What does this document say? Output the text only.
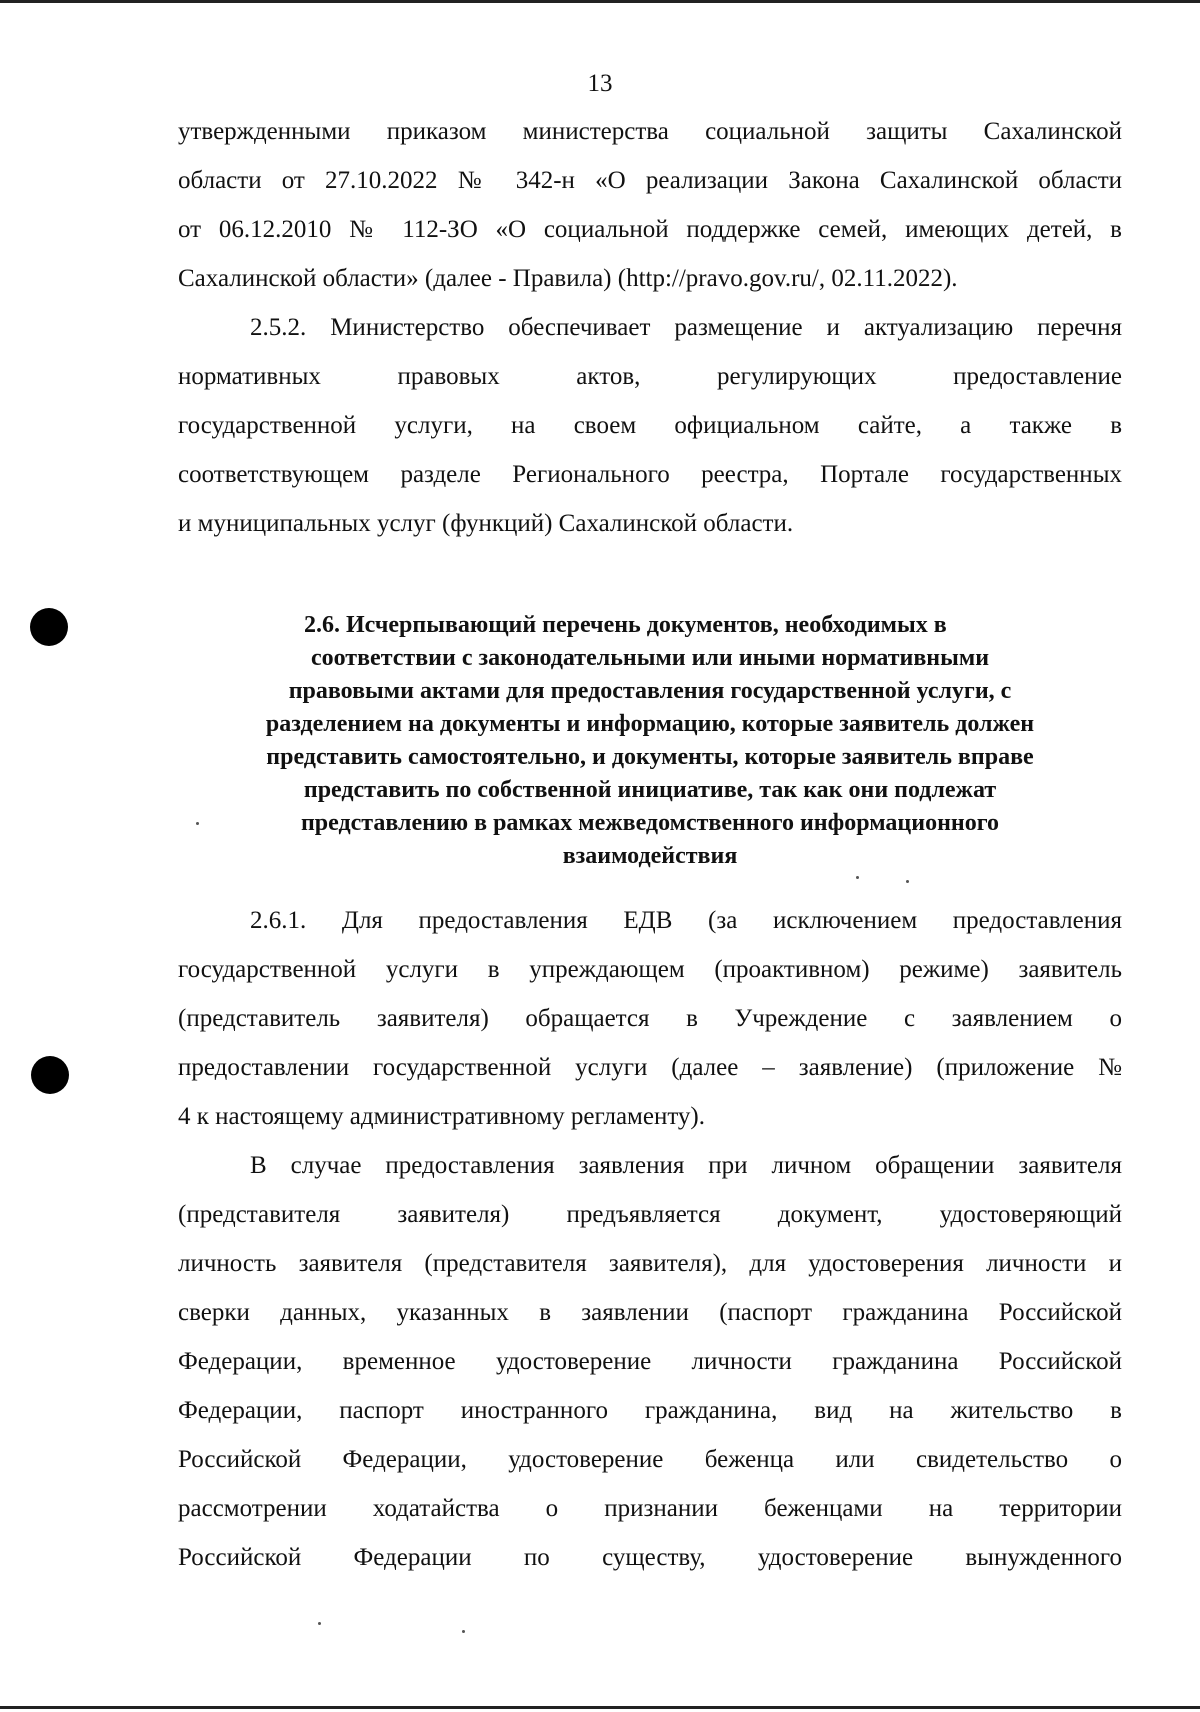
13
утвержденными приказом министерства социальной защиты Сахалинской
области от 27.10.2022 № 342-н «О реализации Закона Сахалинской области
от 06.12.2010 № 112-ЗО «О социальной поддержке семей, имеющих детей, в
Сахалинской области» (далее - Правила) (http://pravo.gov.ru/, 02.11.2022).
2.5.2. Министерство обеспечивает размещение и актуализацию перечня
нормативных правовых актов, регулирующих предоставление
государственной услуги, на своем официальном сайте, а также в
соответствующем разделе Регионального реестра, Портале государственных
и муниципальных услуг (функций) Сахалинской области.
2.6. Исчерпывающий перечень документов, необходимых в
соответствии с законодательными или иными нормативными
правовыми актами для предоставления государственной услуги, с
разделением на документы и информацию, которые заявитель должен
представить самостоятельно, и документы, которые заявитель вправе
представить по собственной инициативе, так как они подлежат
представлению в рамках межведомственного информационного
взаимодействия
2.6.1. Для предоставления ЕДВ (за исключением предоставления
государственной услуги в упреждающем (проактивном) режиме) заявитель
(представитель заявителя) обращается в Учреждение с заявлением о
предоставлении государственной услуги (далее – заявление) (приложение №
4 к настоящему административному регламенту).
В случае предоставления заявления при личном обращении заявителя
(представителя заявителя) предъявляется документ, удостоверяющий
личность заявителя (представителя заявителя), для удостоверения личности и
сверки данных, указанных в заявлении (паспорт гражданина Российской
Федерации, временное удостоверение личности гражданина Российской
Федерации, паспорт иностранного гражданина, вид на жительство в
Российской Федерации, удостоверение беженца или свидетельство о
рассмотрении ходатайства о признании беженцами на территории
Российской Федерации по существу, удостоверение вынужденного
